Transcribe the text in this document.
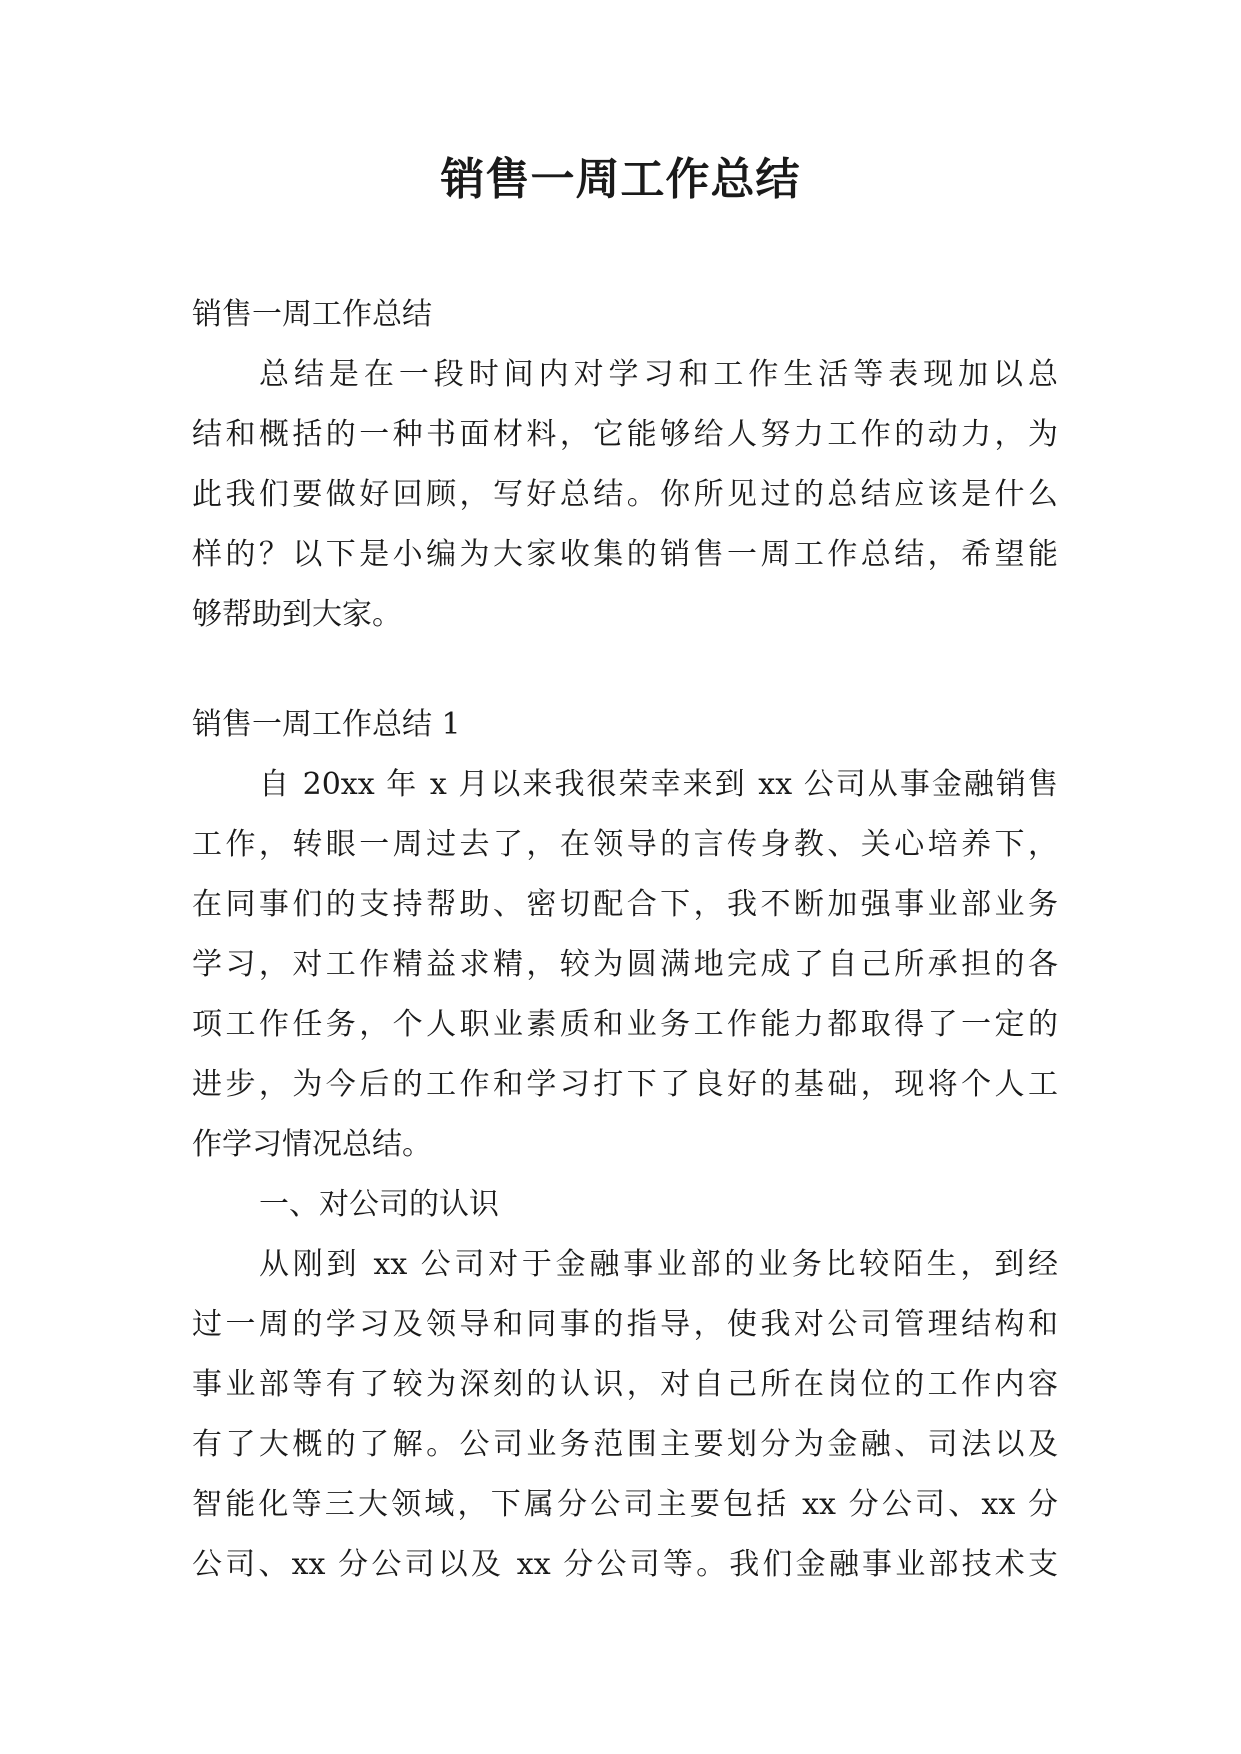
销售一周工作总结
销售一周工作总结
总结是在一段时间内对学习和工作生活等表现加以总
结和概括的一种书面材料，它能够给人努力工作的动力，为
此我们要做好回顾，写好总结。你所见过的总结应该是什么
样的？以下是小编为大家收集的销售一周工作总结，希望能
够帮助到大家。
销售一周工作总结 1
自 20xx 年 x 月以来我很荣幸来到 xx 公司从事金融销售
工作，转眼一周过去了，在领导的言传身教、关心培养下，
在同事们的支持帮助、密切配合下，我不断加强事业部业务
学习，对工作精益求精，较为圆满地完成了自己所承担的各
项工作任务，个人职业素质和业务工作能力都取得了一定的
进步，为今后的工作和学习打下了良好的基础，现将个人工
作学习情况总结。
一、对公司的认识
从刚到 xx 公司对于金融事业部的业务比较陌生，到经
过一周的学习及领导和同事的指导，使我对公司管理结构和
事业部等有了较为深刻的认识，对自己所在岗位的工作内容
有了大概的了解。公司业务范围主要划分为金融、司法以及
智能化等三大领域，下属分公司主要包括 xx 分公司、xx 分
公司、xx 分公司以及 xx 分公司等。我们金融事业部技术支
